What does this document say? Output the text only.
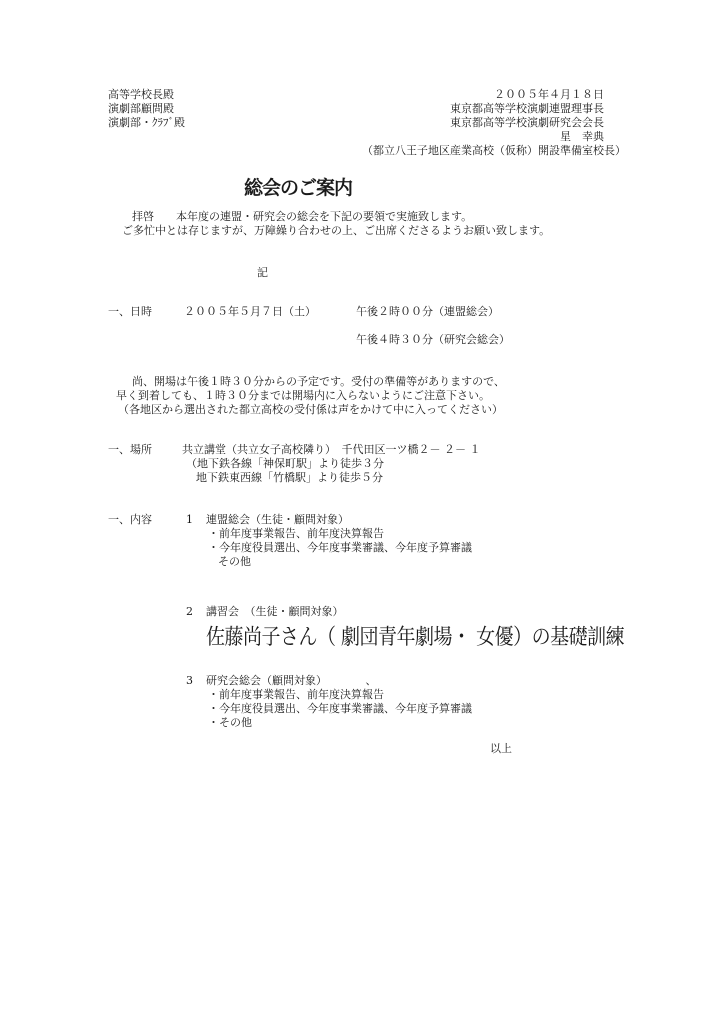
高等学校長殿
演劇部顧問殿
演劇部・ｸﾗﾌﾞ殿
２００５年４月１８日
東京都高等学校演劇連盟理事長
東京都高等学校演劇研究会会長
星　幸典
（都立八王子地区産業高校（仮称）開設準備室校長）
総会のご案内
拝啓　　本年度の連盟・研究会の総会を下記の要領で実施致します。
ご多忙中とは存じますが、万障繰り合わせの上、ご出席くださるようお願い致します。
記
一、日時	２００５年５月７日（土）	午後２時００分（連盟総会）
午後４時３０分（研究会総会）
尚、開場は午後１時３０分からの予定です。受付の準備等がありますので、
早く到着しても、１時３０分までは開場内に入らないようにご注意下さい。
（各地区から選出された都立高校の受付係は声をかけて中に入ってください）
一、場所	共立講堂（共立女子高校隣り）　千代田区一ツ橋２－ ２－ １
（地下鉄各線「神保町駅」より徒歩３分
地下鉄東西線「竹橋駅」より徒歩５分
一、内容	1 連盟総会（生徒・顧問対象）
・前年度事業報告、前年度決算報告
・今年度役員選出、今年度事業審議、今年度予算審議
その他
2 講習会　（生徒・顧問対象）
佐藤尚子さん（ 劇団青年劇場・ 女優）の基礎訓練
3 研究会総会（顧問対象）　　　　、
・前年度事業報告、前年度決算報告
・今年度役員選出、今年度事業審議、今年度予算審議
・その他
以上
